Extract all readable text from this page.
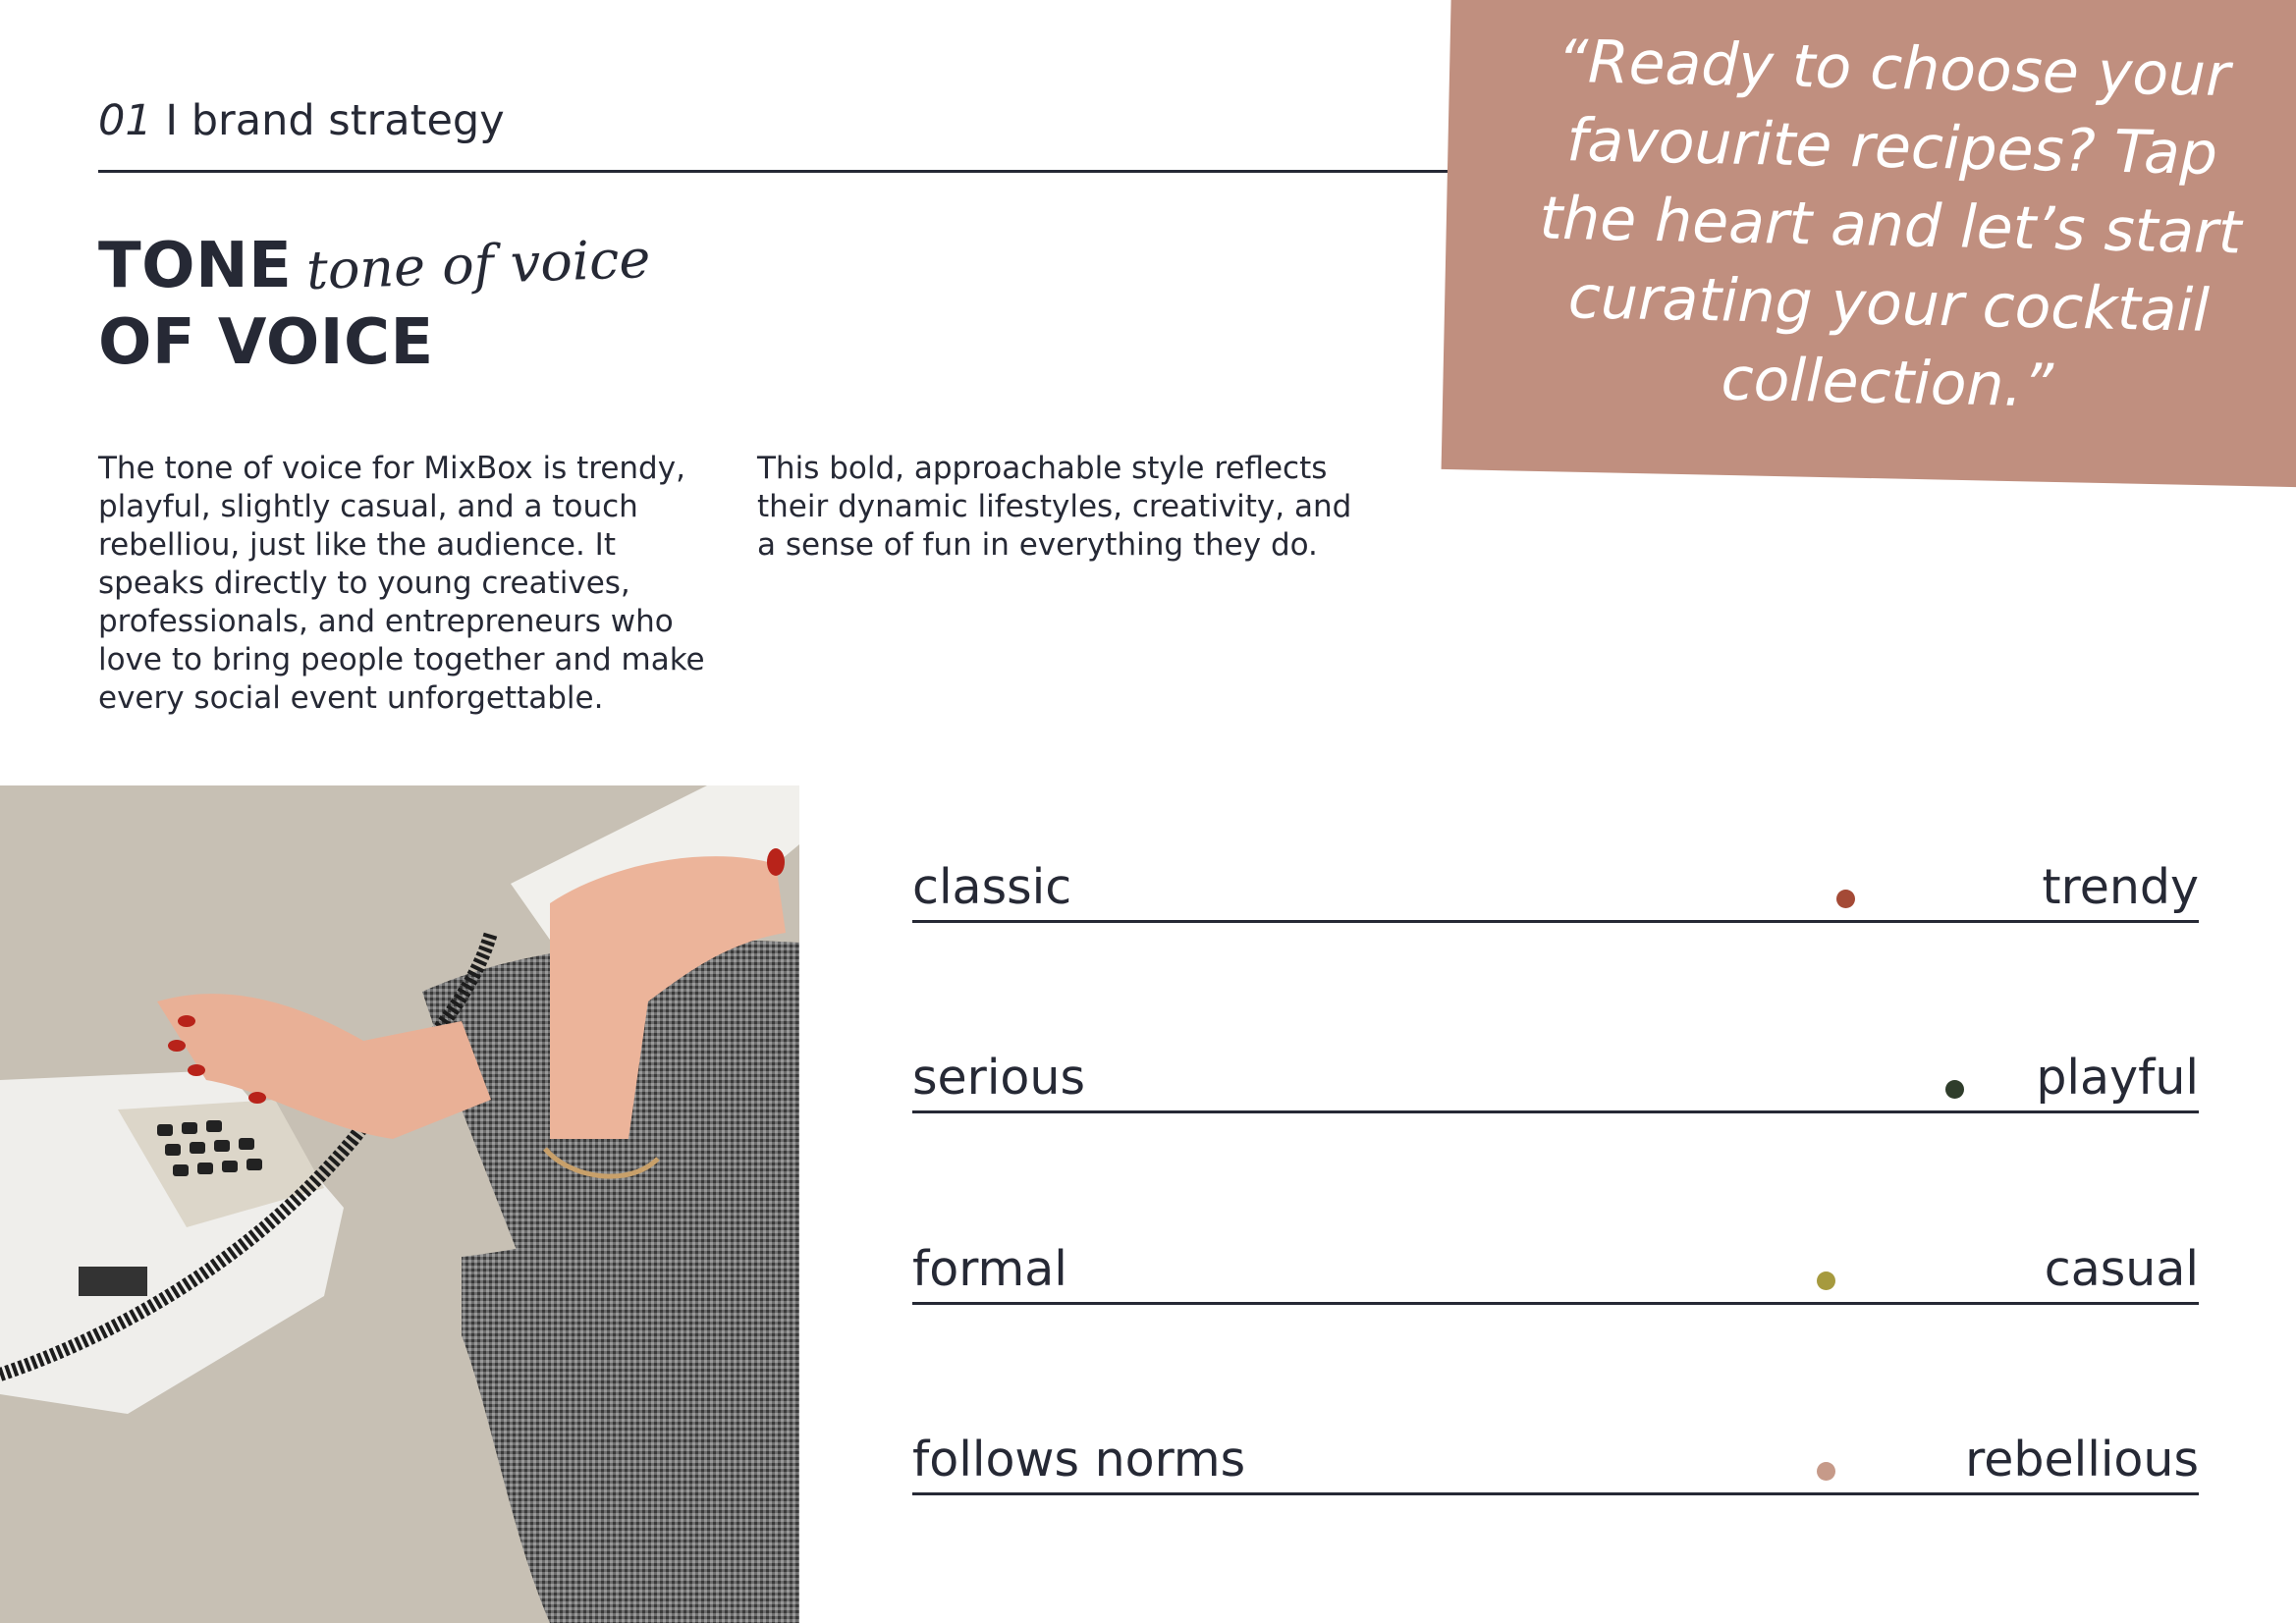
01 I brand strategy
TONE
OF VOICE
tone of voice
The tone of voice for MixBox is trendy, playful, slightly casual, and a touch rebelliou, just like the audience. It speaks directly to young creatives, professionals, and entrepreneurs who love to bring people together and make every social event unforgettable.
This bold, approachable style reflects their dynamic lifestyles, creativity, and a sense of fun in everything they do.
“Ready to choose your favourite recipes? Tap the heart and let’s start curating your cocktail collection.”
classic	trendy
serious	playful
formal	casual
follows norms	rebellious
